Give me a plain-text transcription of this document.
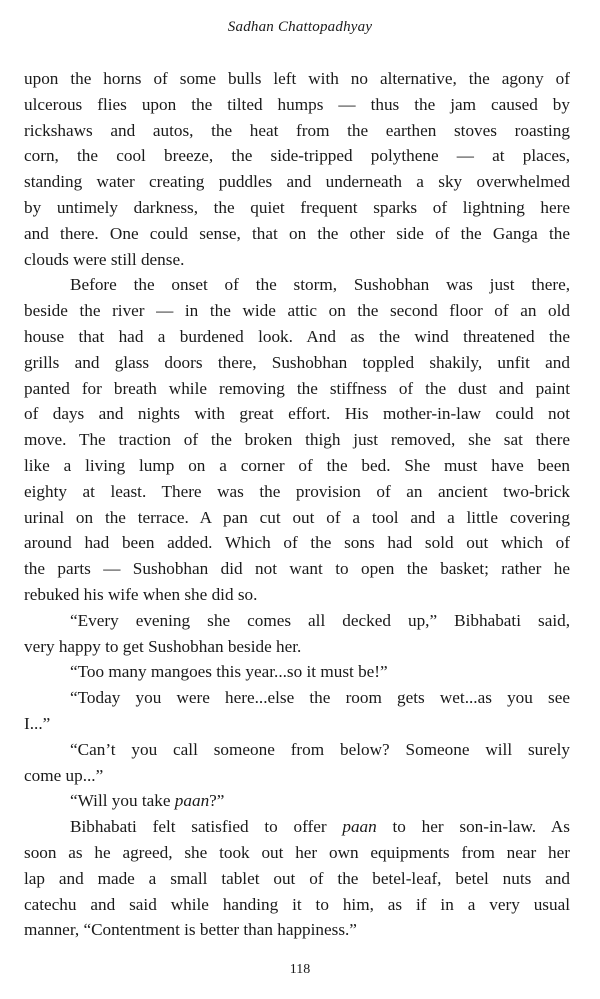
Sadhan Chattopadhyay
upon the horns of some bulls left with no alternative, the agony of
ulcerous flies upon the tilted humps — thus the jam caused by
rickshaws and autos, the heat from the earthen stoves roasting
corn, the cool breeze, the side-tripped polythene — at places,
standing water creating puddles and underneath a sky overwhelmed
by untimely darkness, the quiet frequent sparks of lightning here
and there. One could sense, that on the other side of the Ganga the
clouds were still dense.
Before the onset of the storm, Sushobhan was just there,
beside the river — in the wide attic on the second floor of an old
house that had a burdened look. And as the wind threatened the
grills and glass doors there, Sushobhan toppled shakily, unfit and
panted for breath while removing the stiffness of the dust and paint
of days and nights with great effort. His mother-in-law could not
move. The traction of the broken thigh just removed, she sat there
like a living lump on a corner of the bed. She must have been
eighty at least. There was the provision of an ancient two-brick
urinal on the terrace. A pan cut out of a tool and a little covering
around had been added. Which of the sons had sold out which of
the parts — Sushobhan did not want to open the basket; rather he
rebuked his wife when she did so.
“Every evening she comes all decked up,” Bibhabati said,
very happy to get Sushobhan beside her.
“Too many mangoes this year...so it must be!”
“Today you were here...else the room gets wet...as you see
I...”
“Can’t you call someone from below? Someone will surely
come up...”
“Will you take paan?”
Bibhabati felt satisfied to offer paan to her son-in-law. As
soon as he agreed, she took out her own equipments from near her
lap and made a small tablet out of the betel-leaf, betel nuts and
catechu and said while handing it to him, as if in a very usual
manner, “Contentment is better than happiness.”
118
